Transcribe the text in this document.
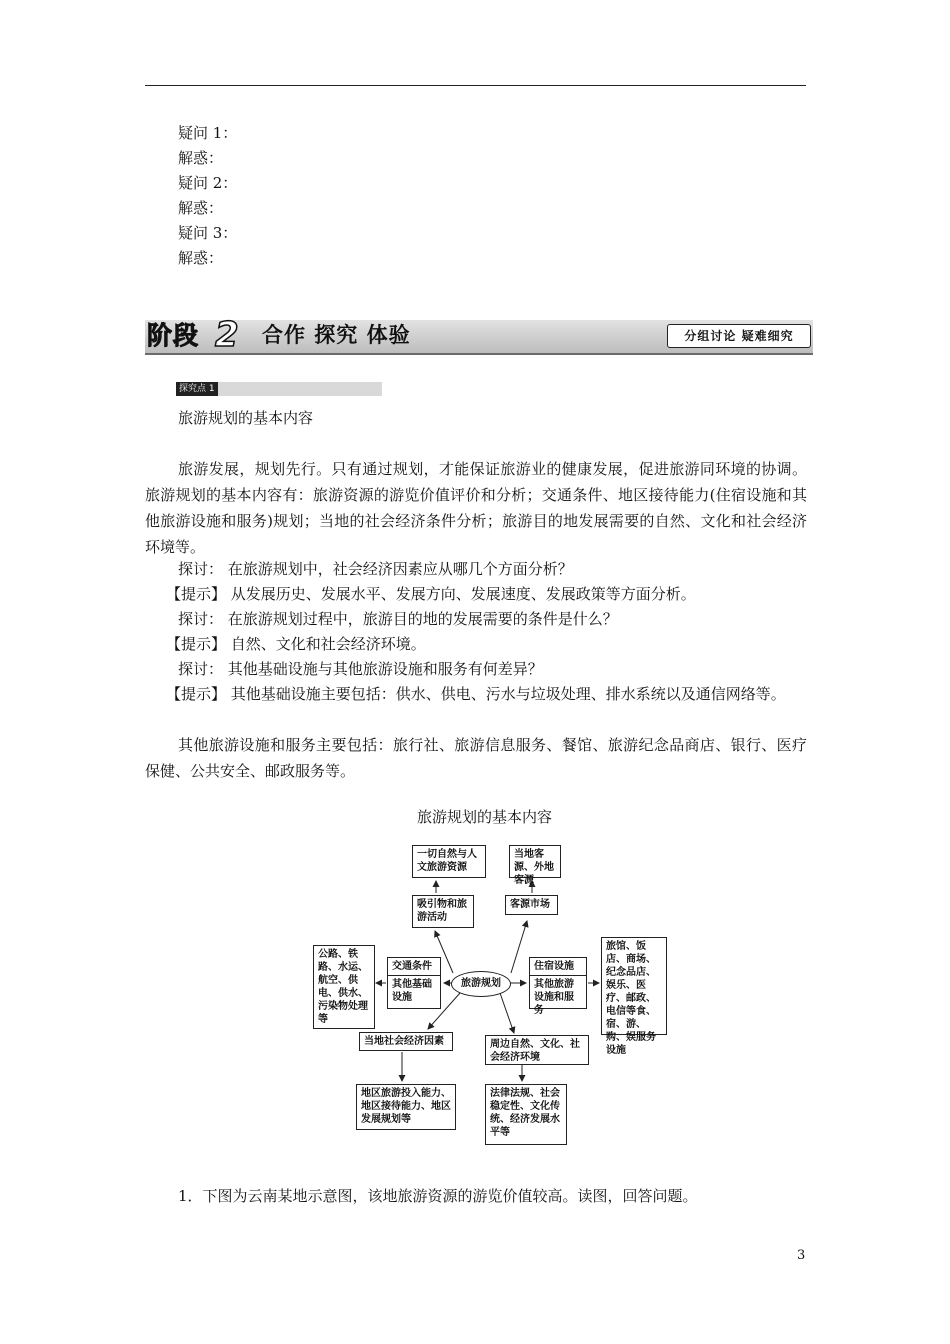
疑问 1：
解惑：
疑问 2：
解惑：
疑问 3：
解惑：
阶段 2 合作 探究 体验	分组讨论 疑难细究
探究点 1
旅游规划的基本内容
旅游发展，规划先行。只有通过规划，才能保证旅游业的健康发展，促进旅游同环境的协调。旅游规划的基本内容有：旅游资源的游览价值评价和分析；交通条件、地区接待能力(住宿设施和其他旅游设施和服务)规划；当地的社会经济条件分析；旅游目的地发展需要的自然、文化和社会经济环境等。
探讨： 在旅游规划中，社会经济因素应从哪几个方面分析？
【提示】 从发展历史、发展水平、发展方向、发展速度、发展政策等方面分析。
探讨： 在旅游规划过程中，旅游目的地的发展需要的条件是什么？
【提示】 自然、文化和社会经济环境。
探讨： 其他基础设施与其他旅游设施和服务有何差异？
【提示】 其他基础设施主要包括：供水、供电、污水与垃圾处理、排水系统以及通信网络等。
其他旅游设施和服务主要包括：旅行社、旅游信息服务、餐馆、旅游纪念品商店、银行、医疗保健、公共安全、邮政服务等。
旅游规划的基本内容
一切自然与人文旅游资源
当地客源、外地客源
吸引物和旅游活动
客源市场
公路、铁路、水运、航空、供电、供水、污染物处理等
交通条件
其他基础设施
旅游规划
住宿设施
其他旅游设施和服务
旅馆、饭店、商场、纪念品店、娱乐、医疗、邮政、电信等食、宿、游、购、娱服务设施
当地社会经济因素	周边自然、文化、社会经济环境
地区旅游投入能力、地区接待能力、地区发展规划等
法律法规、社会稳定性、文化传统、经济发展水平等
1．下图为云南某地示意图，该地旅游资源的游览价值较高。读图，回答问题。
3
